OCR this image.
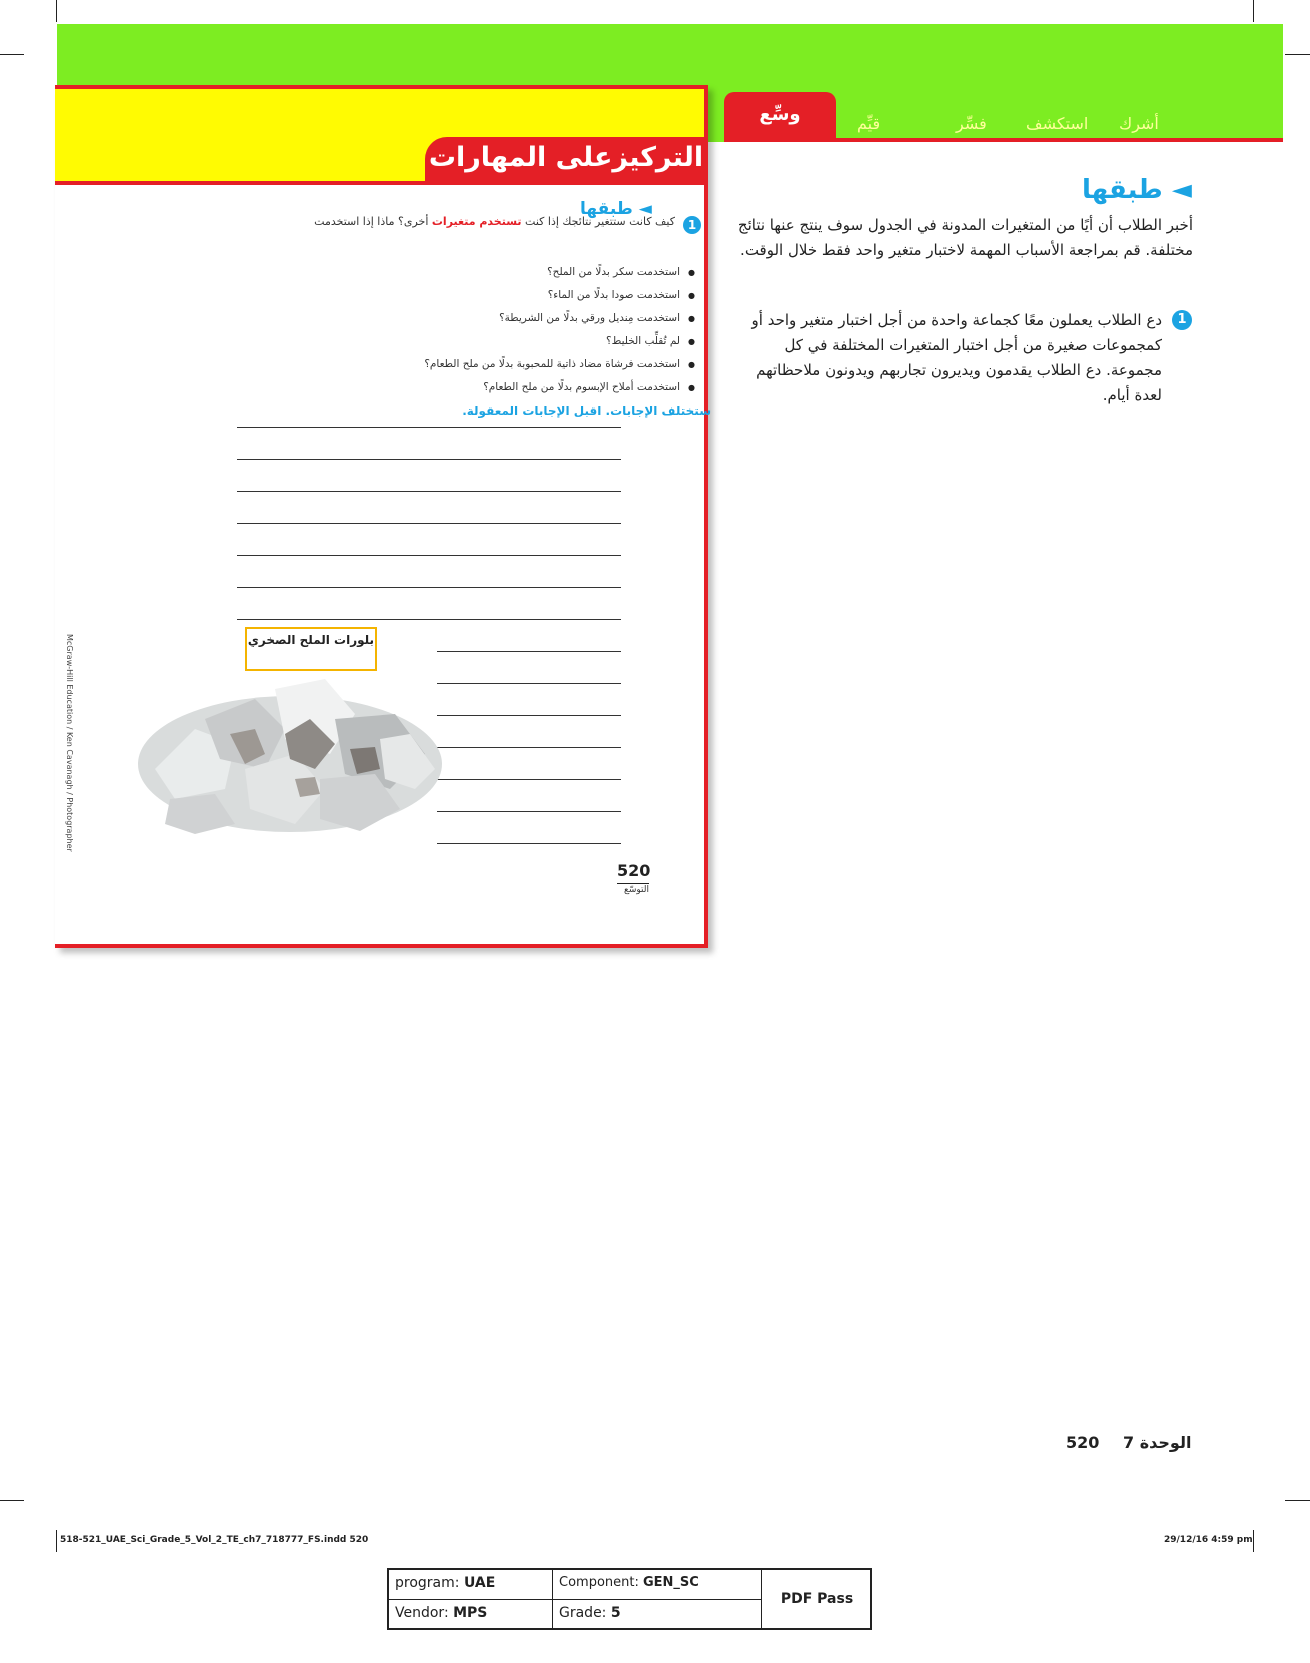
وسِّع	قيِّم	فسِّر استكشف أشرك
التركيزعلى المهارات
◄ طبقها
1
كيف كانت ستتغير نتائجك إذا كنت تستخدم متغيرات أخرى؟ ماذا إذا استخدمت
● استخدمت سكر بدلًا من الملح؟
● استخدمت صودا بدلًا من الماء؟
● استخدمت مِنديل ورقي بدلًا من الشريطة؟
● لم تُقلِّب الخليط؟
● استخدمت فرشاة مضاد ذاتية للمحبوبة بدلًا من ملح الطعام؟
● استخدمت أملاح الإبسوم بدلًا من ملح الطعام؟
ستختلف الإجابات. اقبل الإجابات المعقولة.
بلورات الملح الصخري
McGraw-Hill Education / Ken Cavanagh / Photographer
520
التوسّع
◄ طبقها
أخبر الطلاب أن أيًا من المتغيرات المدونة في الجدول سوف ينتج عنها نتائج مختلفة. قم بمراجعة الأسباب المهمة لاختبار متغير واحد فقط خلال الوقت.
1
دع الطلاب يعملون معًا كجماعة واحدة من أجل اختبار متغير واحد أو كمجموعات صغيرة من أجل اختبار المتغيرات المختلفة في كل مجموعة. دع الطلاب يقدمون ويديرون تجاربهم ويدونون ملاحظاتهم لعدة أيام.
الوحدة 7 520
518-521_UAE_Sci_Grade_5_Vol_2_TE_ch7_718777_FS.indd 520	29/12/16 4:59 pm
program: UAE	Component: GEN_SC
Vendor: MPS	Grade: 5
PDF Pass
